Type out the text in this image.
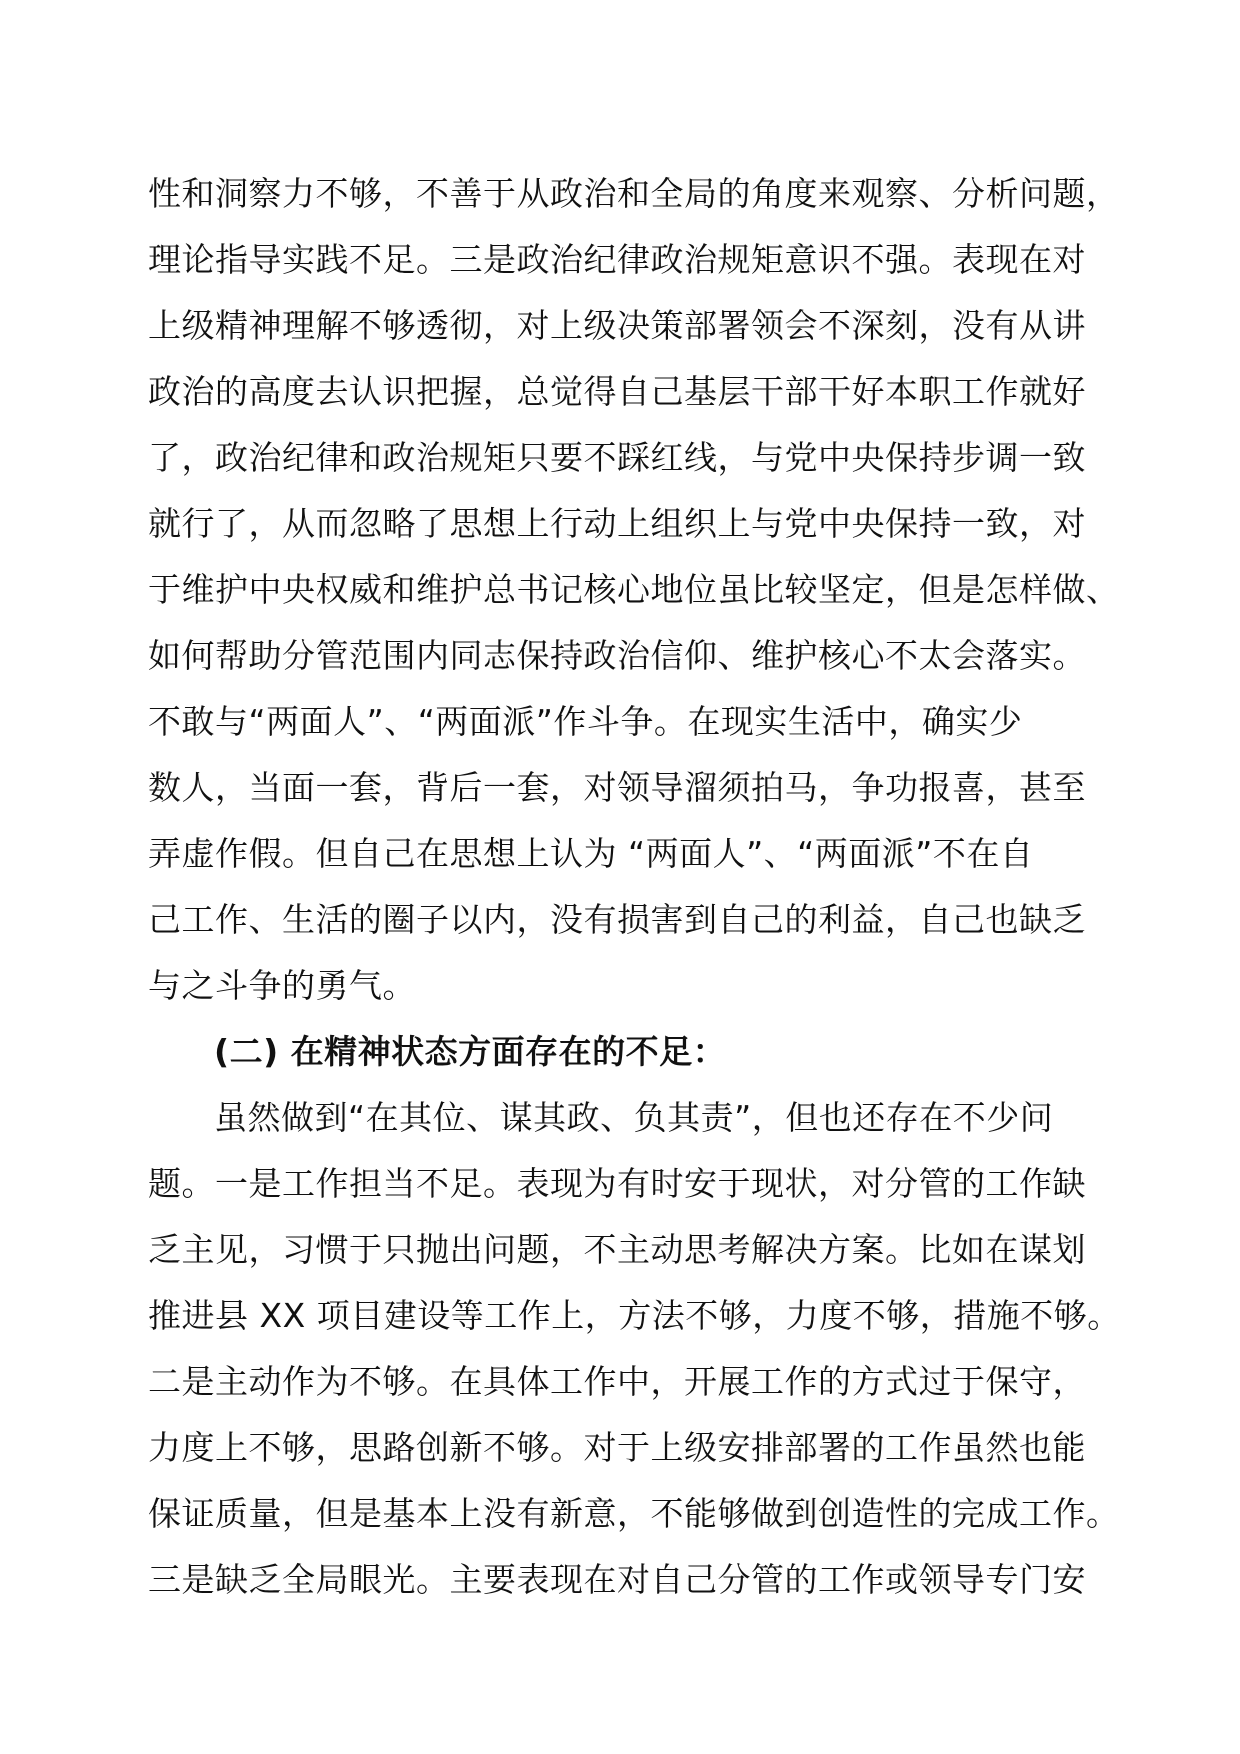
性和洞察力不够，不善于从政治和全局的角度来观察、分析问题，
理论指导实践不足。三是政治纪律政治规矩意识不强。表现在对
上级精神理解不够透彻，对上级决策部署领会不深刻，没有从讲
政治的高度去认识把握，总觉得自己基层干部干好本职工作就好
了，政治纪律和政治规矩只要不踩红线，与党中央保持步调一致
就行了，从而忽略了思想上行动上组织上与党中央保持一致，对
于维护中央权威和维护总书记核心地位虽比较坚定，但是怎样做、
如何帮助分管范围内同志保持政治信仰、维护核心不太会落实。
不敢与“两面人”、“两面派”作斗争。在现实生活中，确实少
数人，当面一套，背后一套，对领导溜须拍马，争功报喜，甚至
弄虚作假。但自己在思想上认为 “两面人”、“两面派”不在自
己工作、生活的圈子以内，没有损害到自己的利益，自己也缺乏
与之斗争的勇气。
(二) 在精神状态方面存在的不足：
虽然做到“在其位、谋其政、负其责”，但也还存在不少问
题。一是工作担当不足。表现为有时安于现状，对分管的工作缺
乏主见，习惯于只抛出问题，不主动思考解决方案。比如在谋划
推进县 XX 项目建设等工作上，方法不够，力度不够，措施不够。
二是主动作为不够。在具体工作中，开展工作的方式过于保守，
力度上不够，思路创新不够。对于上级安排部署的工作虽然也能
保证质量，但是基本上没有新意，不能够做到创造性的完成工作。
三是缺乏全局眼光。主要表现在对自己分管的工作或领导专门安
